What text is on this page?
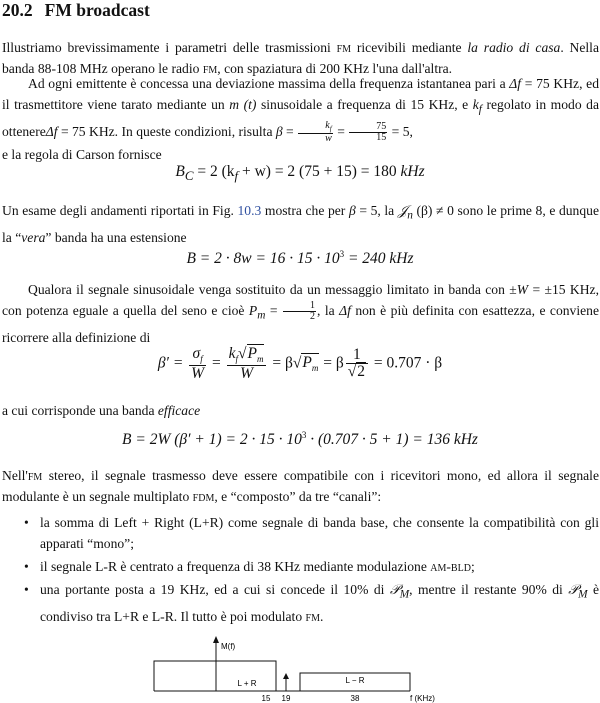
20.2 FM broadcast

Illustriamo brevissimamente i parametri delle trasmissioni fm ricevibili mediante la radio di casa. Nella banda 88-108 MHz operano le radio fm, con spaziatura di 200 KHz l'una dall'altra.

Ad ogni emittente è concessa una deviazione massima della frequenza istantanea pari a Δf = 75 KHz, ed il trasmettitore viene tarato mediante un m (t) sinusoidale a frequenza di 15 KHz, e $k_f$ regolato in modo da ottenereΔf = 75 KHz. In queste condizioni, risulta $\beta = \frac{k_f}{w} = \frac{75}{15} = 5$,
e la regola di Carson fornisce

$B_C = 2$ $(k_f + w) = 2$ (75 + 15) = 180 kHz

Un esame degli andamenti riportati in Fig. 10.3 mostra che per β = 5, la 𝒥$_n$ (β) ≠ 0 sono le prime 8, e dunque la “vera” banda ha una estensione

$B = 2 \cdot 8w = 16 \cdot 15 \cdot 10^3 = 240$ kHz

Qualora il segnale sinusoidale venga sostituito da un messaggio limitato in banda con ±W = ±15 KHz, con potenza eguale a quella del seno e cioè $P_m = \frac{1}{2}$ , la Δf non è più definita con esattezza, e conviene ricorrere alla definizione di

$\beta' = \frac{\sigma_f}{W} = \frac{k_f√P_m}{W} = \beta√P_m = \beta \frac{1}{√2} = 0.707 \cdot \beta$

a cui corrisponde una banda efficace

B = 2W $(\beta' + 1) = 2 \cdot 15 \cdot 10^3 \cdot (0.707 \cdot 5 + 1) = 136$ kHz

Nell'fm stereo, il segnale trasmesso deve essere compatibile con i ricevitori mono, ed allora il segnale modulante è un segnale multiplato fdm, e “composto” da tre “canali”:

• la somma di Left + Right (L+R) come segnale di banda base, che consente la compatibilità con gli apparati “mono”;
• il segnale L-R è centrato a frequenza di 38 KHz mediante modulazione am-bld;
• una portante posta a 19 KHz, ed a cui si concede il 10% di 𝒫$_M$, mentre il restante 90% di 𝒫$_M$ è condiviso tra L+R e L-R. Il tutto è poi modulato fm.
M(f)
L + R	L − R
15 19	38	f (KHz)
